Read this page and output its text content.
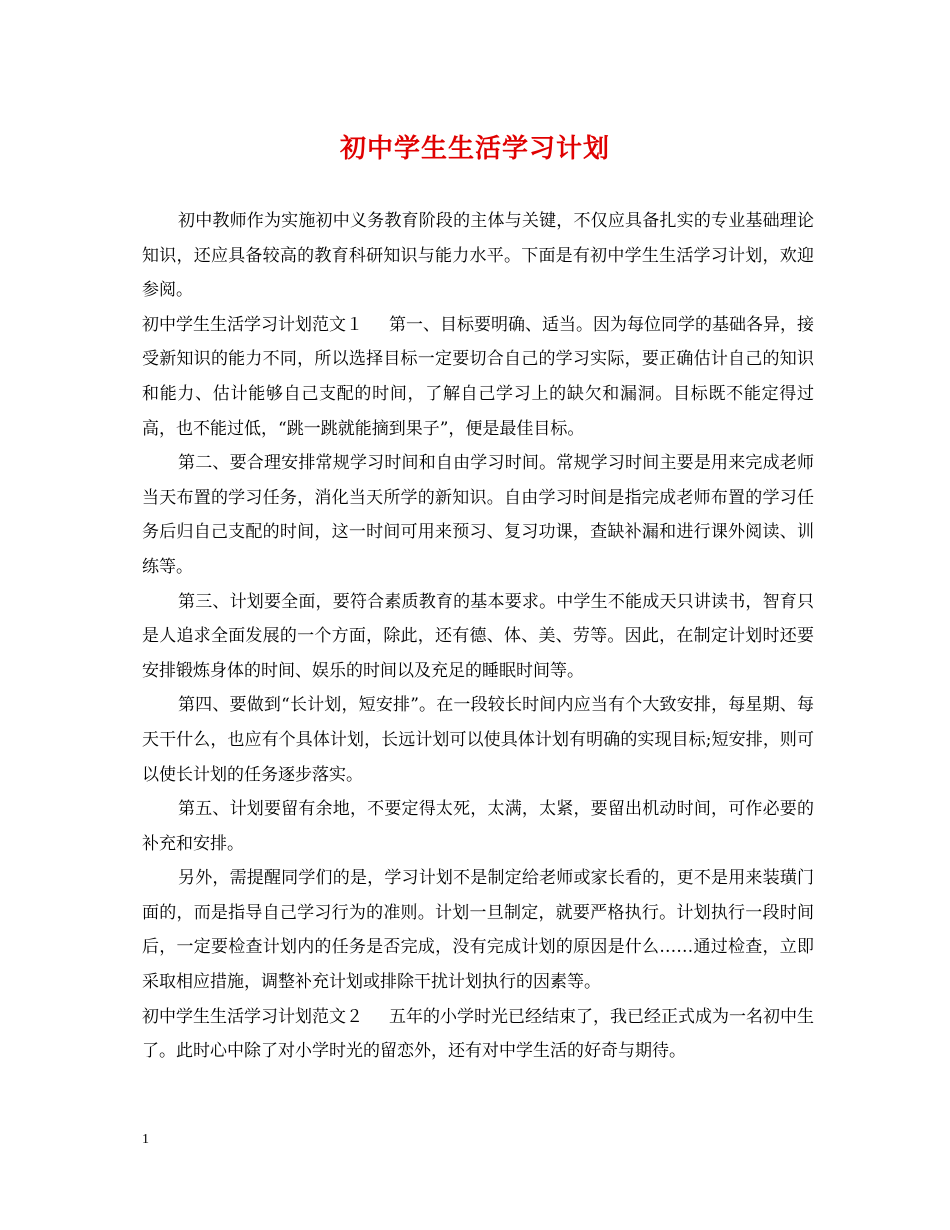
初中学生生活学习计划

初中教师作为实施初中义务教育阶段的主体与关键，不仅应具备扎实的专业基础理论知识，还应具备较高的教育科研知识与能力水平。下面是有初中学生生活学习计划，欢迎参阅。

初中学生生活学习计划范文１ 第一、目标要明确、适当。因为每位同学的基础各异，接受新知识的能力不同，所以选择目标一定要切合自己的学习实际，要正确估计自己的知识和能力、估计能够自己支配的时间，了解自己学习上的缺欠和漏洞。目标既不能定得过高，也不能过低，“跳一跳就能摘到果子”，便是最佳目标。

第二、要合理安排常规学习时间和自由学习时间。常规学习时间主要是用来完成老师当天布置的学习任务，消化当天所学的新知识。自由学习时间是指完成老师布置的学习任务后归自己支配的时间，这一时间可用来预习、复习功课，查缺补漏和进行课外阅读、训练等。

第三、计划要全面，要符合素质教育的基本要求。中学生不能成天只讲读书，智育只是人追求全面发展的一个方面，除此，还有德、体、美、劳等。因此，在制定计划时还要安排锻炼身体的时间、娱乐的时间以及充足的睡眠时间等。

第四、要做到“长计划，短安排”。在一段较长时间内应当有个大致安排，每星期、每天干什么，也应有个具体计划，长远计划可以使具体计划有明确的实现目标;短安排，则可以使长计划的任务逐步落实。

第五、计划要留有余地，不要定得太死，太满，太紧，要留出机动时间，可作必要的补充和安排。

另外，需提醒同学们的是，学习计划不是制定给老师或家长看的，更不是用来装璜门面的，而是指导自己学习行为的准则。计划一旦制定，就要严格执行。计划执行一段时间后，一定要检查计划内的任务是否完成，没有完成计划的原因是什么……通过检查，立即采取相应措施，调整补充计划或排除干扰计划执行的因素等。

初中学生生活学习计划范文２ 五年的小学时光已经结束了，我已经正式成为一名初中生了。此时心中除了对小学时光的留恋外，还有对中学生活的好奇与期待。

1
